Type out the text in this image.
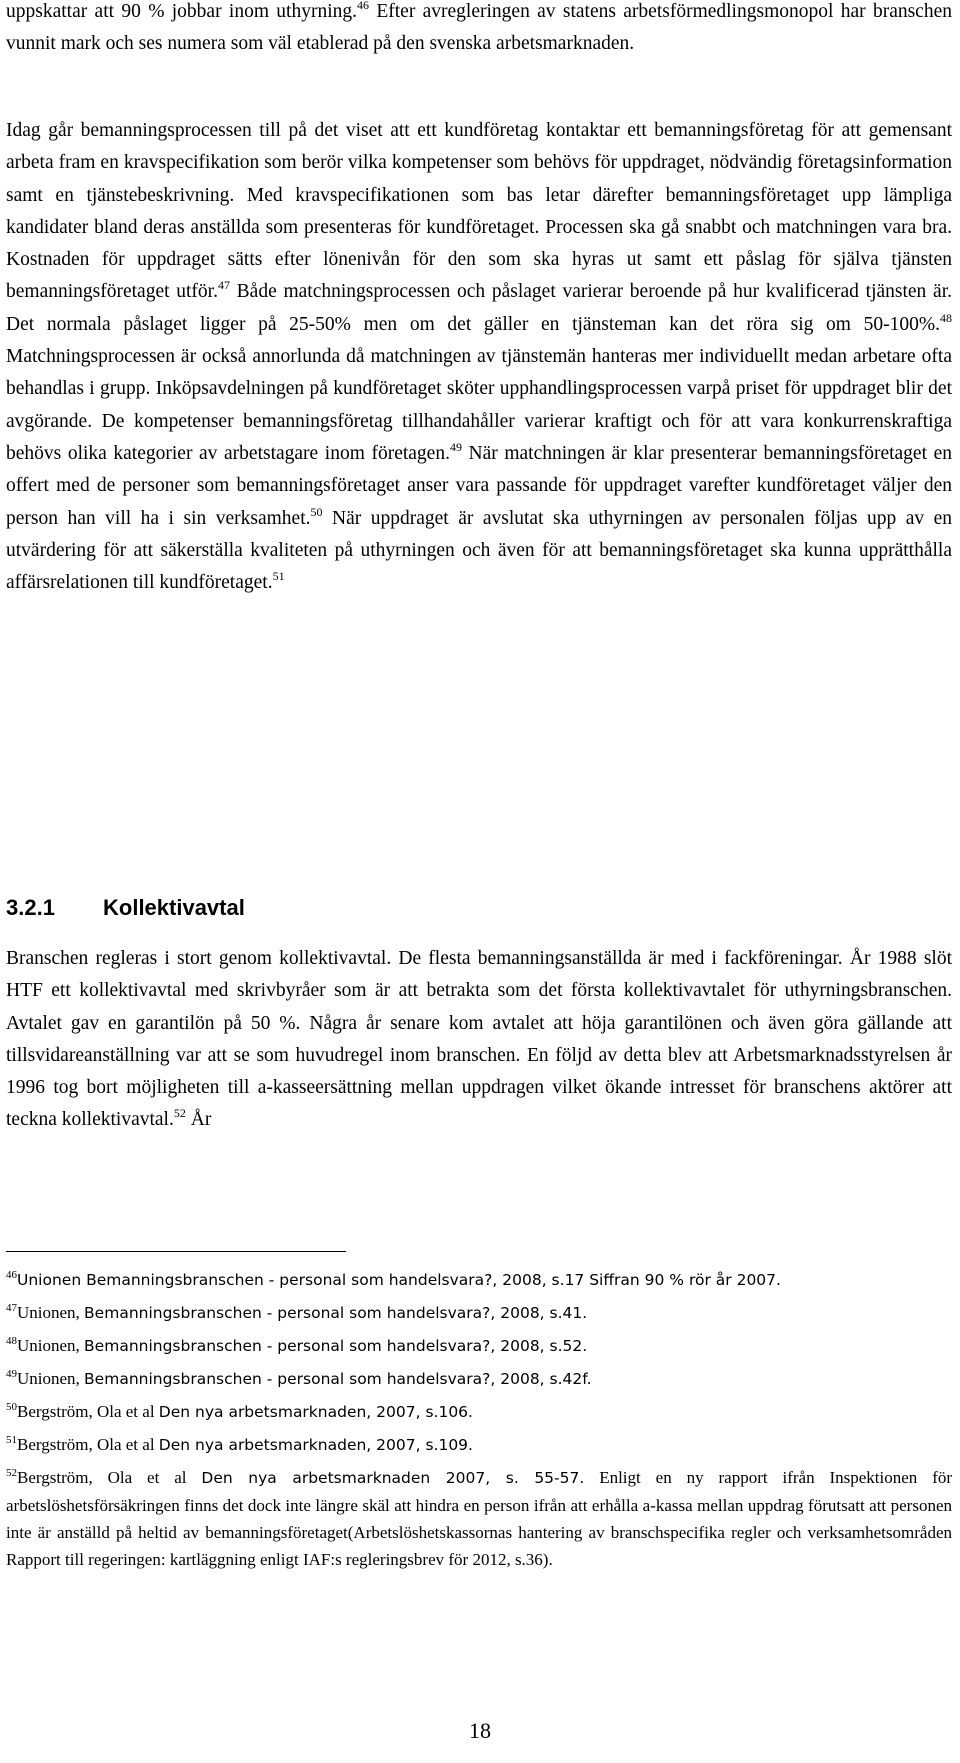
uppskattar att 90 % jobbar inom uthyrning.$^{46}$ Efter avregleringen av statens arbetsförmedlingsmonopol har branschen vunnit mark och ses numera som väl etablerad på den svenska arbetsmarknaden.

Idag går bemanningsprocessen till på det viset att ett kundföretag kontaktar ett bemanningsföretag för att gemensant arbeta fram en kravspecifikation som berör vilka kompetenser som behövs för uppdraget, nödvändig företagsinformation samt en tjänstebeskrivning. Med kravspecifikationen som bas letar därefter bemanningsföretaget upp lämpliga kandidater bland deras anställda som presenteras för kundföretaget. Processen ska gå snabbt och matchningen vara bra. Kostnaden för uppdraget sätts efter lönenivån för den som ska hyras ut samt ett påslag för själva tjänsten bemanningsföretaget utför.$^{47}$ Både matchningsprocessen och påslaget varierar beroende på hur kvalificerad tjänsten är. Det normala påslaget ligger på 25-50% men om det gäller en tjänsteman kan det röra sig om 50-100%.$^{48}$ Matchningsprocessen är också annorlunda då matchningen av tjänstemän hanteras mer individuellt medan arbetare ofta behandlas i grupp. Inköpsavdelningen på kundföretaget sköter upphandlingsprocessen varpå priset för uppdraget blir det avgörande. De kompetenser bemanningsföretag tillhandahåller varierar kraftigt och för att vara konkurrenskraftiga behövs olika kategorier av arbetstagare inom företagen.$^{49}$ När matchningen är klar presenterar bemanningsföretaget en offert med de personer som bemanningsföretaget anser vara passande för uppdraget varefter kundföretaget väljer den person han vill ha i sin verksamhet.$^{50}$ När uppdraget är avslutat ska uthyrningen av personalen följas upp av en utvärdering för att säkerställa kvaliteten på uthyrningen och även för att bemanningsföretaget ska kunna upprätthålla affärsrelationen till kundföretaget.$^{51}$

3.2.1 Kollektivavtal

Branschen regleras i stort genom kollektivavtal. De flesta bemanningsanställda är med i fackföreningar. År 1988 slöt HTF ett kollektivavtal med skrivbyråer som är att betrakta som det första kollektivavtalet för uthyrningsbranschen. Avtalet gav en garantilön på 50 %. Några år senare kom avtalet att höja garantilönen och även göra gällande att tillsvidareanställning var att se som huvudregel inom branschen. En följd av detta blev att Arbetsmarknadsstyrelsen år 1996 tog bort möjligheten till a-kasseersättning mellan uppdragen vilket ökande intresset för branschens aktörer att teckna kollektivavtal.$^{52}$ År

$^{46}$Unionen Bemanningsbranschen - personal som handelsvara?, 2008, s.17 Siffran 90 % rör år 2007.

$^{47}$Unionen, Bemanningsbranschen - personal som handelsvara?, 2008, s.41.

$^{48}$Unionen, Bemanningsbranschen - personal som handelsvara?, 2008, s.52.

$^{49}$Unionen, Bemanningsbranschen - personal som handelsvara?, 2008, s.42f.

$^{50}$Bergström, Ola et al Den nya arbetsmarknaden, 2007, s.106.

$^{51}$Bergström, Ola et al Den nya arbetsmarknaden, 2007, s.109.

$^{52}$Bergström, Ola et al Den nya arbetsmarknaden 2007, s. 55-57. Enligt en ny rapport ifrån Inspektionen för arbetslöshetsförsäkringen finns det dock inte längre skäl att hindra en person ifrån att erhålla a-kassa mellan uppdrag förutsatt att personen inte är anställd på heltid av bemanningsföretaget(Arbetslöshetskassornas hantering av branschspecifika regler och verksamhetsområden Rapport till regeringen: kartläggning enligt IAF:s regleringsbrev för 2012, s.36).

18
